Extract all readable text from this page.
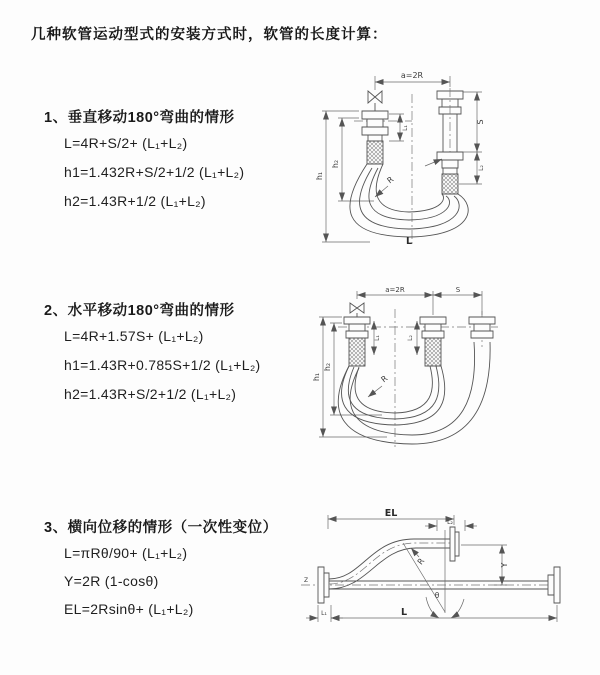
几种软管运动型式的安装方式时，软管的长度计算：
1、垂直移动180°弯曲的情形
L=4R+S/2+ (L₁+L₂)
h1=1.432R+S/2+1/2 (L₁+L₂)
h2=1.43R+1/2 (L₁+L₂)
2、水平移动180°弯曲的情形
L=4R+1.57S+ (L₁+L₂)
h1=1.43R+0.785S+1/2 (L₁+L₂)
h2=1.43R+S/2+1/2 (L₁+L₂)
3、横向位移的情形（一次性变位）
L=πRθ/90+ (L₁+L₂)
Y=2R (1-cosθ)
EL=2Rsinθ+ (L₁+L₂)
a=2R
L₁
S
L₂
h₁
h₂
R
L
a=2R	S
L₁	L₂
h₁
h₂
R
EL
L₂
Z
Y
θ
R
L₁	L
